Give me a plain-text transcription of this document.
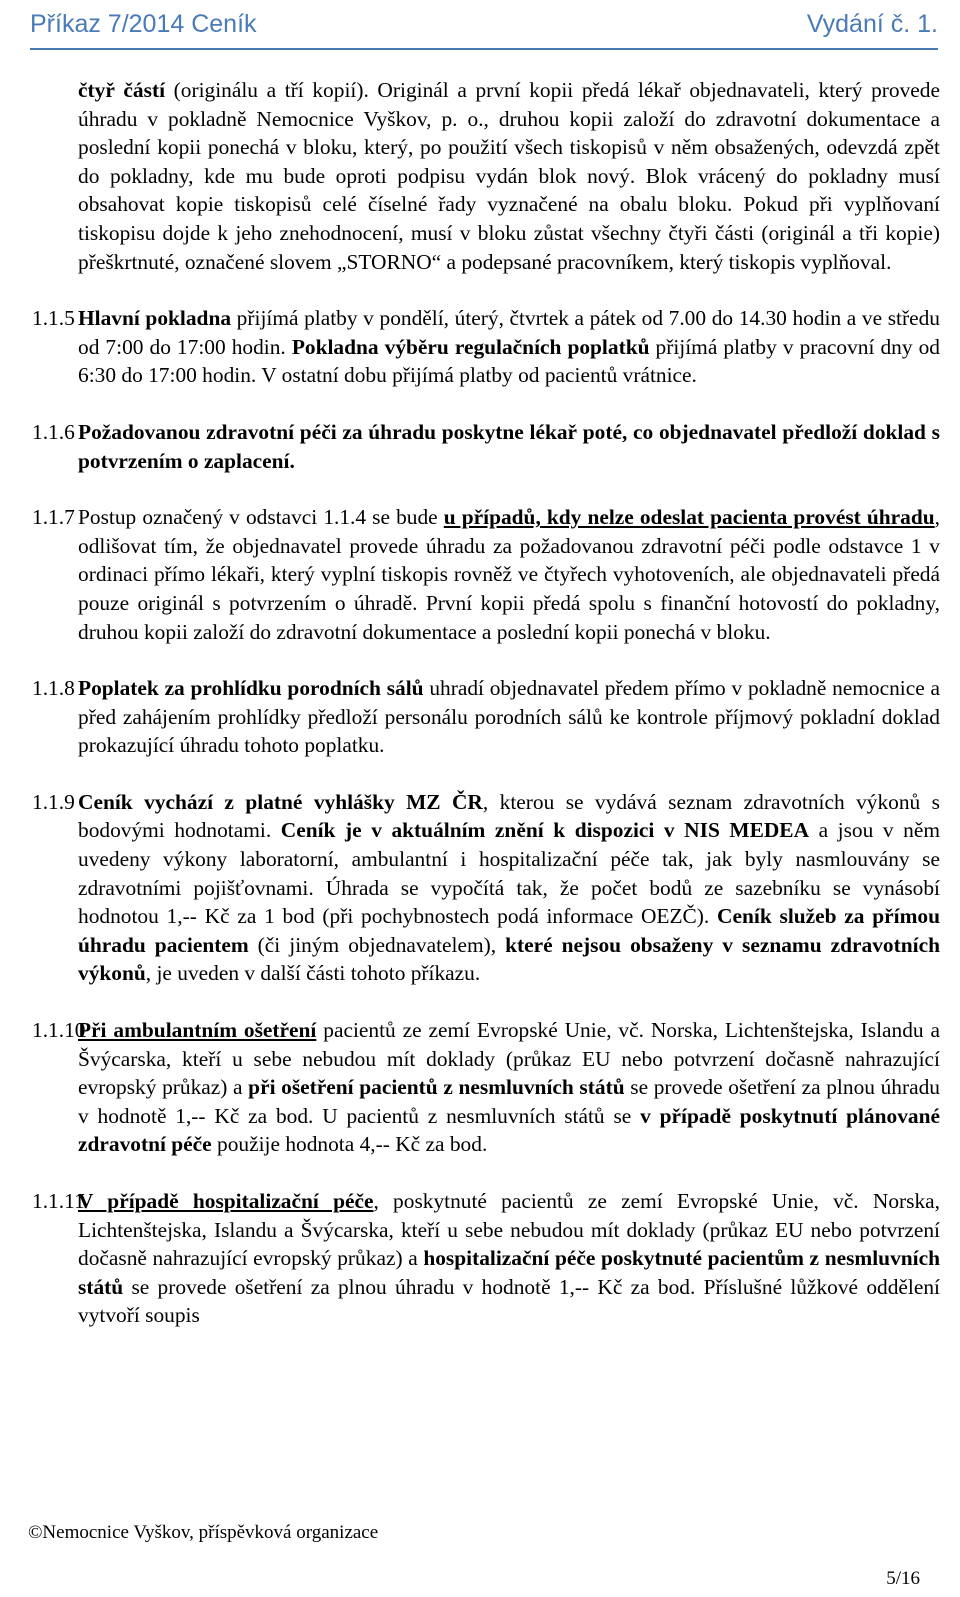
Příkaz 7/2014 Ceník	Vydání č. 1.

čtyř částí (originálu a tří kopií). Originál a první kopii předá lékař objednavateli, který provede úhradu v pokladně Nemocnice Vyškov, p. o., druhou kopii založí do zdravotní dokumentace a poslední kopii ponechá v bloku, který, po použití všech tiskopisů v něm obsažených, odevzdá zpět do pokladny, kde mu bude oproti podpisu vydán blok nový. Blok vrácený do pokladny musí obsahovat kopie tiskopisů celé číselné řady vyznačené na obalu bloku. Pokud při vyplňovaní tiskopisu dojde k jeho znehodnocení, musí v bloku zůstat všechny čtyři části (originál a tři kopie) přeškrtnuté, označené slovem „STORNO“ a podepsané pracovníkem, který tiskopis vyplňoval.

1.1.5 Hlavní pokladna přijímá platby v pondělí, úterý, čtvrtek a pátek od 7.00 do 14.30 hodin a ve středu od 7:00 do 17:00 hodin. Pokladna výběru regulačních poplatků přijímá platby v pracovní dny od 6:30 do 17:00 hodin. V ostatní dobu přijímá platby od pacientů vrátnice.

1.1.6 Požadovanou zdravotní péči za úhradu poskytne lékař poté, co objednavatel předloží doklad s potvrzením o zaplacení.

1.1.7 Postup označený v odstavci 1.1.4 se bude u případů, kdy nelze odeslat pacienta provést úhradu, odlišovat tím, že objednavatel provede úhradu za požadovanou zdravotní péči podle odstavce 1 v ordinaci přímo lékaři, který vyplní tiskopis rovněž ve čtyřech vyhotoveních, ale objednavateli předá pouze originál s potvrzením o úhradě. První kopii předá spolu s finanční hotovostí do pokladny, druhou kopii založí do zdravotní dokumentace a poslední kopii ponechá v bloku.

1.1.8 Poplatek za prohlídku porodních sálů uhradí objednavatel předem přímo v pokladně nemocnice a před zahájením prohlídky předloží personálu porodních sálů ke kontrole příjmový pokladní doklad prokazující úhradu tohoto poplatku.

1.1.9 Ceník vychází z platné vyhlášky MZ ČR, kterou se vydává seznam zdravotních výkonů s bodovými hodnotami. Ceník je v aktuálním znění k dispozici v NIS MEDEA a jsou v něm uvedeny výkony laboratorní, ambulantní i hospitalizační péče tak, jak byly nasmlouvány se zdravotními pojišťovnami. Úhrada se vypočítá tak, že počet bodů ze sazebníku se vynásobí hodnotou 1,-- Kč za 1 bod (při pochybnostech podá informace OEZČ). Ceník služeb za přímou úhradu pacientem (či jiným objednavatelem), které nejsou obsaženy v seznamu zdravotních výkonů, je uveden v další části tohoto příkazu.

1.1.10

Při ambulantním ošetření pacientů ze zemí Evropské Unie, vč. Norska, Lichtenštejska, Islandu a Švýcarska, kteří u sebe nebudou mít doklady (průkaz EU nebo potvrzení dočasně nahrazující evropský průkaz) a při ošetření pacientů z nesmluvních států se provede ošetření za plnou úhradu v hodnotě 1,-- Kč za bod. U pacientů z nesmluvních států se v případě poskytnutí plánované zdravotní péče použije hodnota 4,-- Kč za bod.

1.1.11

V případě hospitalizační péče, poskytnuté pacientů ze zemí Evropské Unie, vč. Norska, Lichtenštejska, Islandu a Švýcarska, kteří u sebe nebudou mít doklady (průkaz EU nebo potvrzení dočasně nahrazující evropský průkaz) a hospitalizační péče poskytnuté pacientům z nesmluvních států se provede ošetření za plnou úhradu v hodnotě 1,-- Kč za bod. Příslušné lůžkové oddělení vytvoří soupis

©Nemocnice Vyškov, příspěvková organizace
5/16
